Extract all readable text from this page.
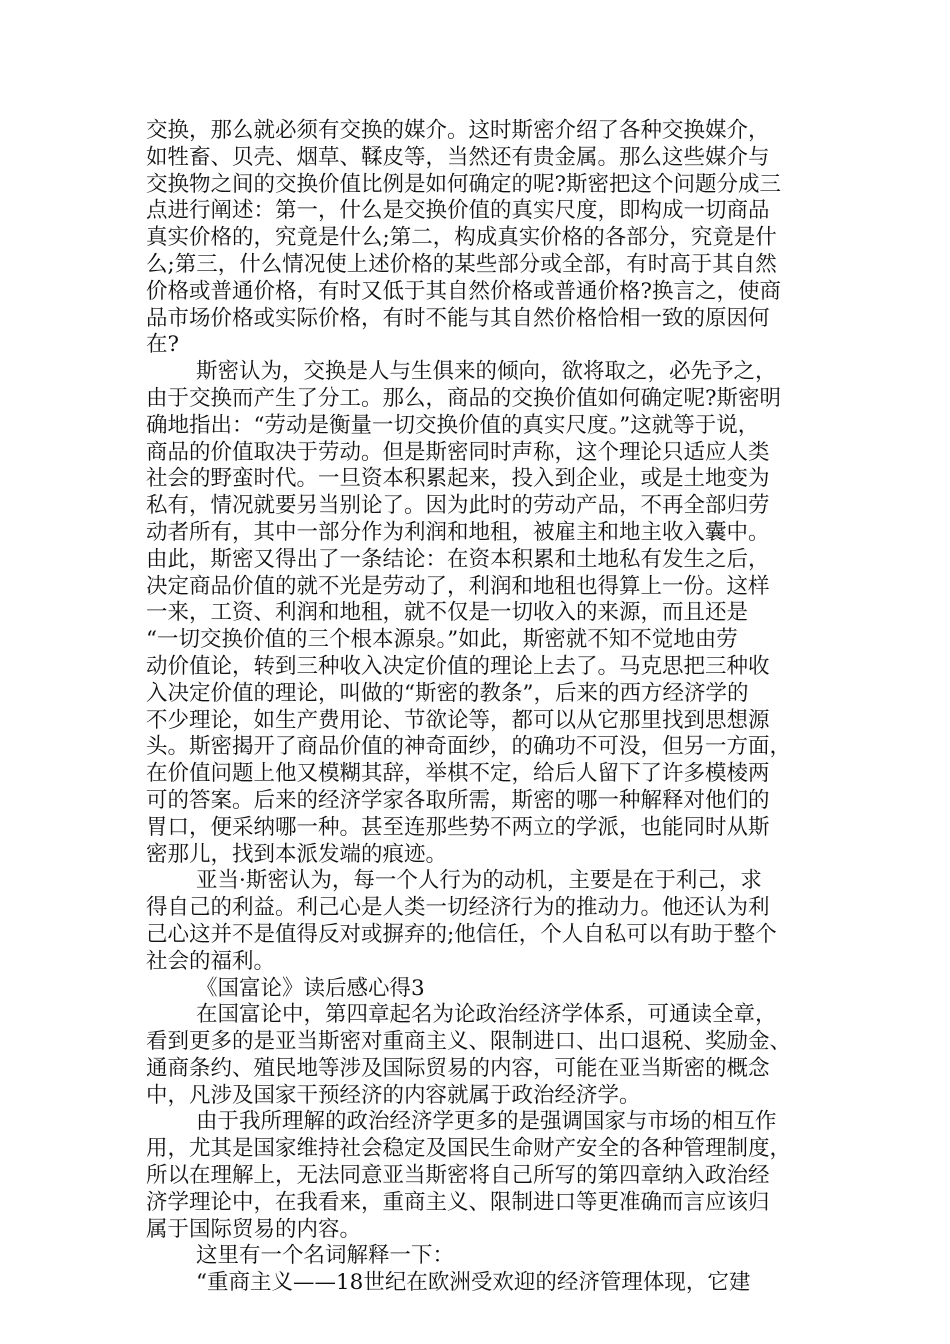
交换，那么就必须有交换的媒介。这时斯密介绍了各种交换媒介，
如牲畜、贝壳、烟草、鞣皮等，当然还有贵金属。那么这些媒介与
交换物之间的交换价值比例是如何确定的呢?斯密把这个问题分成三
点进行阐述：第一，什么是交换价值的真实尺度，即构成一切商品
真实价格的，究竟是什么;第二，构成真实价格的各部分，究竟是什
么;第三，什么情况使上述价格的某些部分或全部，有时高于其自然
价格或普通价格，有时又低于其自然价格或普通价格?换言之，使商
品市场价格或实际价格，有时不能与其自然价格恰相一致的原因何
在?
斯密认为，交换是人与生俱来的倾向，欲将取之，必先予之，
由于交换而产生了分工。那么，商品的交换价值如何确定呢?斯密明
确地指出：“劳动是衡量一切交换价值的真实尺度。”这就等于说，
商品的价值取决于劳动。但是斯密同时声称，这个理论只适应人类
社会的野蛮时代。一旦资本积累起来，投入到企业，或是土地变为
私有，情况就要另当别论了。因为此时的劳动产品，不再全部归劳
动者所有，其中一部分作为利润和地租，被雇主和地主收入囊中。
由此，斯密又得出了一条结论：在资本积累和土地私有发生之后，
决定商品价值的就不光是劳动了，利润和地租也得算上一份。这样
一来，工资、利润和地租，就不仅是一切收入的来源，而且还是
“一切交换价值的三个根本源泉。”如此，斯密就不知不觉地由劳
动价值论，转到三种收入决定价值的理论上去了。马克思把三种收
入决定价值的理论，叫做的“斯密的教条”，后来的西方经济学的
不少理论，如生产费用论、节欲论等，都可以从它那里找到思想源
头。斯密揭开了商品价值的神奇面纱，的确功不可没，但另一方面，
在价值问题上他又模糊其辞，举棋不定，给后人留下了许多模棱两
可的答案。后来的经济学家各取所需，斯密的哪一种解释对他们的
胃口，便采纳哪一种。甚至连那些势不两立的学派，也能同时从斯
密那儿，找到本派发端的痕迹。
亚当·斯密认为，每一个人行为的动机，主要是在于利己，求
得自己的利益。利己心是人类一切经济行为的推动力。他还认为利
己心这并不是值得反对或摒弃的;他信任，个人自私可以有助于整个
社会的福利。
《国富论》读后感心得3
在国富论中，第四章起名为论政治经济学体系，可通读全章，
看到更多的是亚当斯密对重商主义、限制进口、出口退税、奖励金、
通商条约、殖民地等涉及国际贸易的内容，可能在亚当斯密的概念
中，凡涉及国家干预经济的内容就属于政治经济学。
由于我所理解的政治经济学更多的是强调国家与市场的相互作
用，尤其是国家维持社会稳定及国民生命财产安全的各种管理制度，
所以在理解上，无法同意亚当斯密将自己所写的第四章纳入政治经
济学理论中，在我看来，重商主义、限制进口等更准确而言应该归
属于国际贸易的内容。
这里有一个名词解释一下：
“重商主义——18世纪在欧洲受欢迎的经济管理体现，它建
